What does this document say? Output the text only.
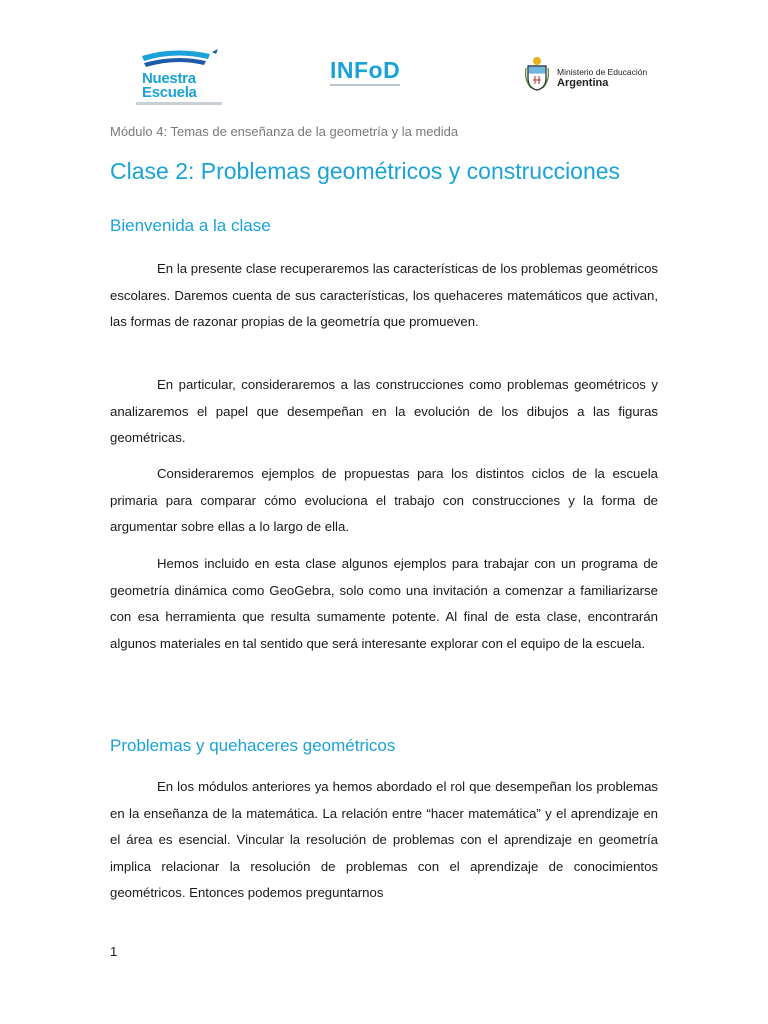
Nuestra
Escuela
INFoD	Ministerio de Educación
Argentina
Módulo 4: Temas de enseñanza de la geometría y la medida
Clase 2: Problemas geométricos y construcciones
Bienvenida a la clase

En la presente clase recuperaremos las características de los problemas geométricos escolares. Daremos cuenta de sus características, los quehaceres matemáticos que activan, las formas de razonar propias de la geometría que promueven.

En particular, consideraremos a las construcciones como problemas geométricos y analizaremos el papel que desempeñan en la evolución de los dibujos a las figuras geométricas.

Consideraremos ejemplos de propuestas para los distintos ciclos de la escuela primaria para comparar cómo evoluciona el trabajo con construcciones y la forma de argumentar sobre ellas a lo largo de ella.

Hemos incluido en esta clase algunos ejemplos para trabajar con un programa de geometría dinámica como GeoGebra, solo como una invitación a comenzar a familiarizarse con esa herramienta que resulta sumamente potente. Al final de esta clase, encontrarán algunos materiales en tal sentido que será interesante explorar con el equipo de la escuela.

Problemas y quehaceres geométricos

En los módulos anteriores ya hemos abordado el rol que desempeñan los problemas en la enseñanza de la matemática. La relación entre “hacer matemática” y el aprendizaje en el área es esencial. Vincular la resolución de problemas con el aprendizaje en geometría implica relacionar la resolución de problemas con el aprendizaje de conocimientos geométricos. Entonces podemos preguntarnos

1
